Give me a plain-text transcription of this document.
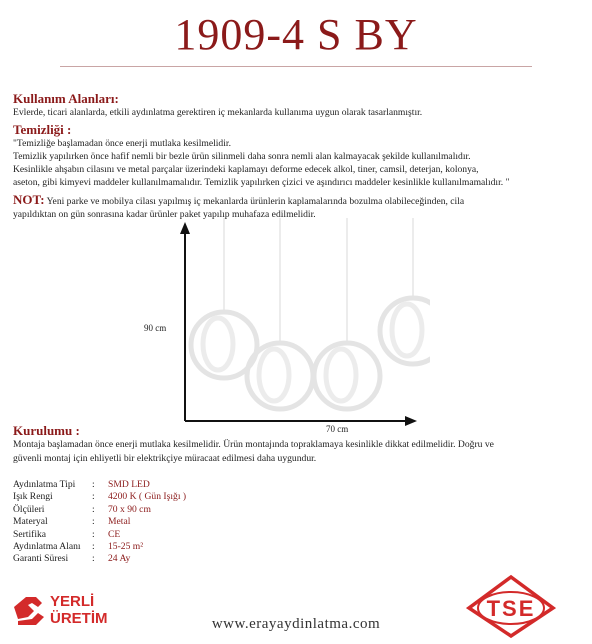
1909-4 S BY
Kullanım Alanları:
Evlerde, ticari alanlarda, etkili aydınlatma gerektiren iç mekanlarda kullanıma uygun olarak tasarlanmıştır.
Temizliği :
"Temizliğe başlamadan önce enerji mutlaka kesilmelidir.
Temizlik yapılırken önce hafif nemli bir bezle ürün silinmeli daha sonra nemli alan kalmayacak şekilde kullanılmalıdır.
Kesinlikle ahşabın cilasını ve metal parçalar üzerindeki kaplamayı deforme edecek alkol, tiner, camsil, deterjan, kolonya,
aseton, gibi kimyevi maddeler kullanılmamalıdır. Temizlik yapılırken çizici ve aşındırıcı maddeler kesinlikle kullanılmamalıdır. "
NOT: Yeni parke ve mobilya cilası yapılmış iç mekanlarda ürünlerin kaplamalarında bozulma olabileceğinden, cila
yapıldıktan on gün sonrasına kadar ürünler paket yapılıp muhafaza edilmelidir.
90 cm
70 cm
Kurulumu :
Montaja başlamadan önce enerji mutlaka kesilmelidir. Ürün montajında topraklamaya kesinlikle dikkat edilmelidir. Doğru ve
güvenli montaj için ehliyetli bir elektrikçiye müracaat edilmesi daha uygundur.
Aydınlatma Tipi : SMD LED
Işık Rengi	: 4200 K ( Gün Işığı )
Ölçüleri	: 70 x 90 cm
Materyal	: Metal
Sertifika	: CE
Aydınlatma Alanı : 15-25 m²
Garanti Süresi : 24 Ay
YERLİ
ÜRETİM	www.erayaydinlatma.com
TSE
